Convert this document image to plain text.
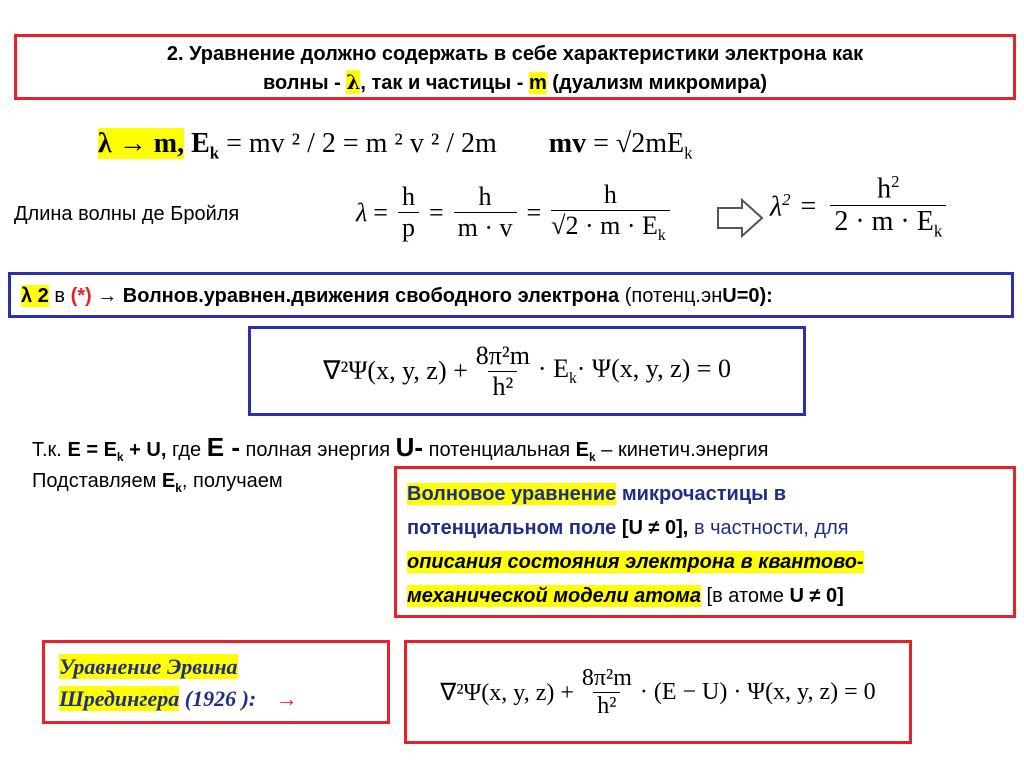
2. Уравнение должно содержать в себе характеристики электрона как
волны - λ, так и частицы - m (дуализм микромира)
λ → m, $E_k$ = mv ² / 2 = m ² v ² / 2m mv = $√2mE_k$
Длина волны де Бройля	$\lambda = \frac{h}{p} = \frac{h}{m \cdot v} = \frac{h}{√2 \cdot m \cdot E_k}$	$\lambda^2 = \frac{h^2}{2 \cdot m \cdot E_k}$
λ 2 в (*) → Волнов.уравнен.движения свободного электрона (потенц.энU=0):
∇²Ψ(x, y, $z) + \frac{\text{8π²m}}{\text{h²}} \cdot E_k\cdot \Psi(x$, y, z) = 0
Т.к. $E = E_k + U$, где E - полная энергия U- потенциальная $E_k$ – кинетич.энергия
Подставляем $E_k$, получаем
Волновое уравнение микрочастицы в
потенциальном поле [U ≠ 0], в частности, для
описания состояния электрона в квантово-
механической модели атома [в атоме U ≠ 0]
Уравнение Эрвина
Шредингера (1926 ): →	∇²Ψ(x, y, $z) + \frac{\text{8π²m}}{\text{h²}} \cdot (E - U) \cdot \Psi(x$, y, z) = 0
